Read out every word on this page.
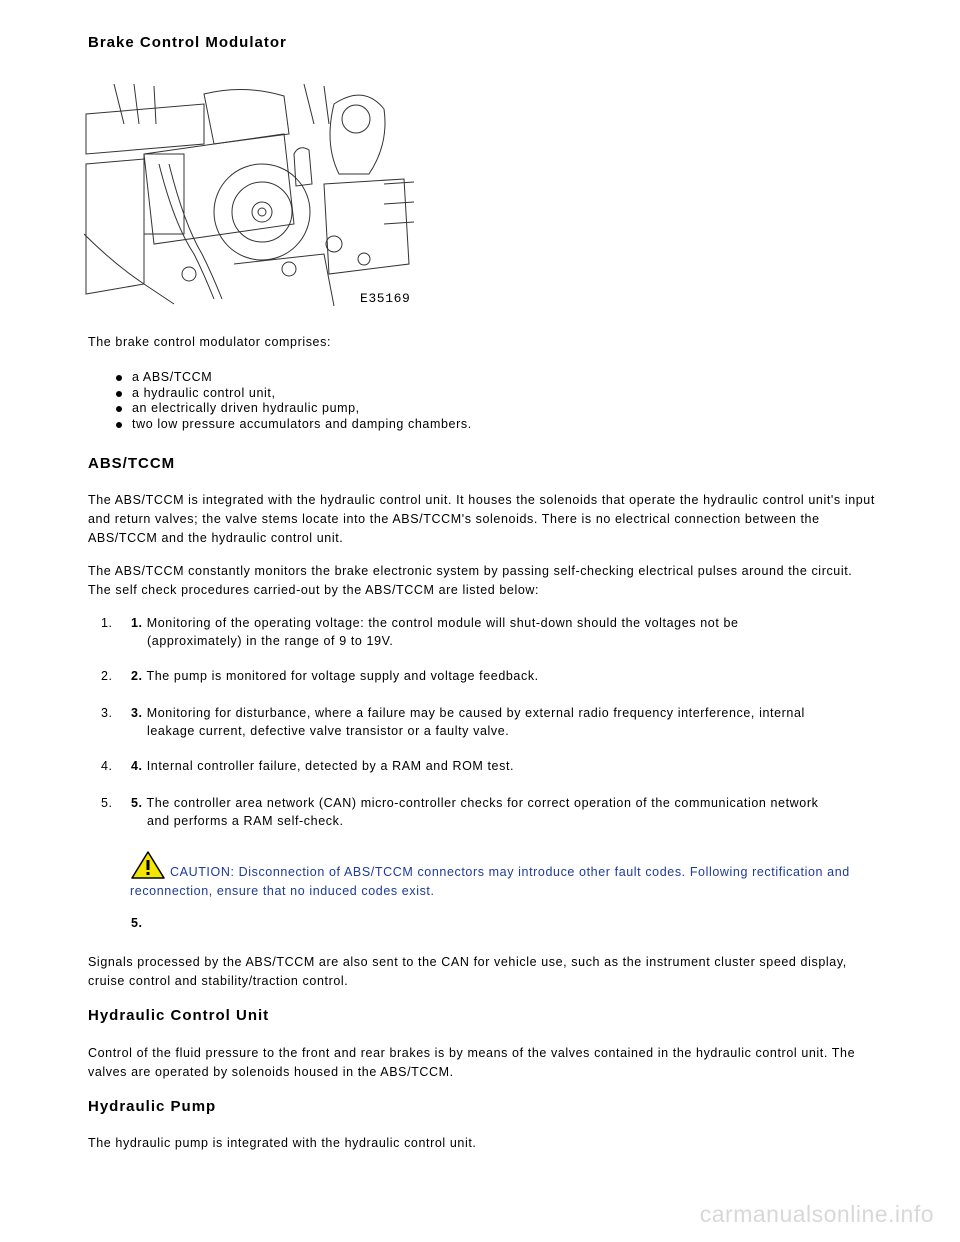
Brake Control Modulator
E35169
The brake control modulator comprises:
a ABS/TCCM
a hydraulic control unit,
an electrically driven hydraulic pump,
two low pressure accumulators and damping chambers.
ABS/TCCM
The ABS/TCCM is integrated with the hydraulic control unit. It houses the solenoids that operate the hydraulic control unit's input and return valves; the valve stems locate into the ABS/TCCM's solenoids. There is no electrical connection between the ABS/TCCM and the hydraulic control unit.
The ABS/TCCM constantly monitors the brake electronic system by passing self-checking electrical pulses around the circuit. The self check procedures carried-out by the ABS/TCCM are listed below:
1. 1. Monitoring of the operating voltage: the control module will shut-down should the voltages not be
(approximately) in the range of 9 to 19V.
2. 2. The pump is monitored for voltage supply and voltage feedback.
3. 3. Monitoring for disturbance, where a failure may be caused by external radio frequency interference, internal
leakage current, defective valve transistor or a faulty valve.
4. 4. Internal controller failure, detected by a RAM and ROM test.
5. 5. The controller area network (CAN) micro-controller checks for correct operation of the communication network
and performs a RAM self-check.
CAUTION: Disconnection of ABS/TCCM connectors may introduce other fault codes. Following rectification and
reconnection, ensure that no induced codes exist.
5.
Signals processed by the ABS/TCCM are also sent to the CAN for vehicle use, such as the instrument cluster speed display, cruise control and stability/traction control.
Hydraulic Control Unit
Control of the fluid pressure to the front and rear brakes is by means of the valves contained in the hydraulic control unit. The valves are operated by solenoids housed in the ABS/TCCM.
Hydraulic Pump
The hydraulic pump is integrated with the hydraulic control unit.
carmanualsonline.info
